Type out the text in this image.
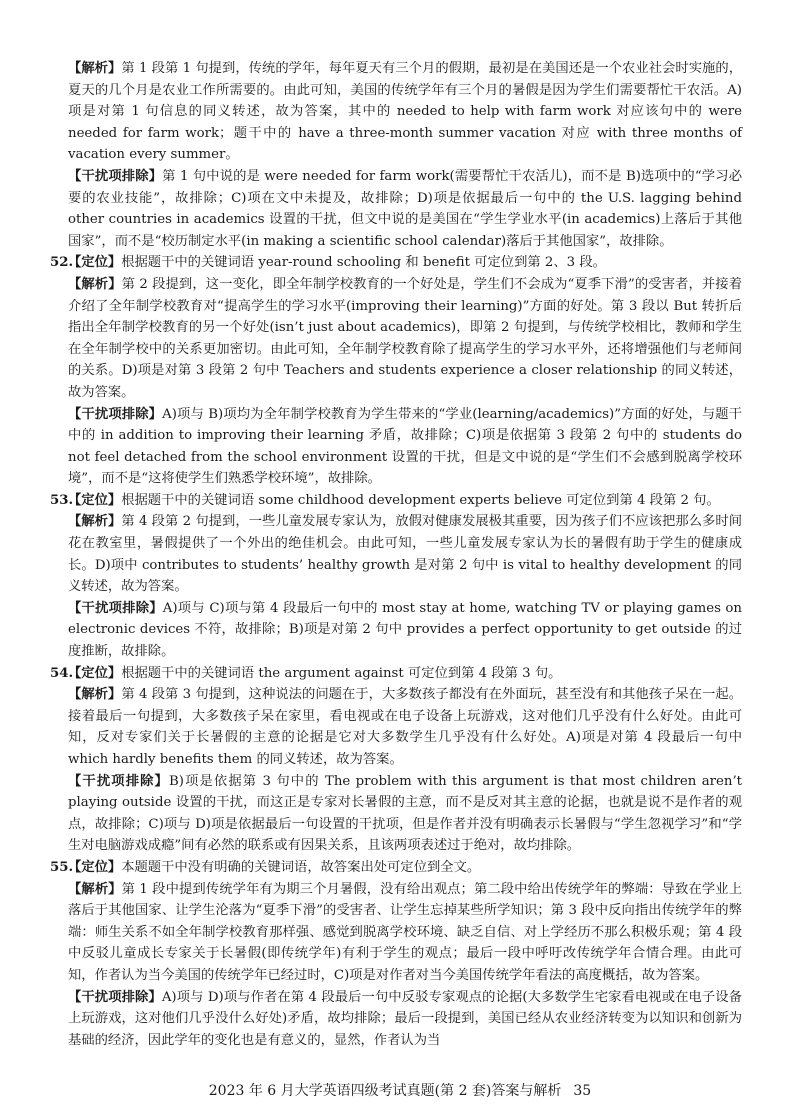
【解析】第 1 段第 1 句提到，传统的学年，每年夏天有三个月的假期，最初是在美国还是一个农业社会时实施的，夏天的几个月是农业工作所需要的。由此可知，美国的传统学年有三个月的暑假是因为学生们需要帮忙干农活。A)项是对第 1 句信息的同义转述，故为答案，其中的 needed to help with farm work 对应该句中的 were needed for farm work；题干中的 have a three-month summer vacation 对应 with three months of vacation every summer。

【干扰项排除】第 1 句中说的是 were needed for farm work(需要帮忙干农活儿)，而不是 B)选项中的“学习必要的农业技能”，故排除；C)项在文中未提及，故排除；D)项是依据最后一句中的 the U.S. lagging behind other countries in academics 设置的干扰，但文中说的是美国在“学生学业水平(in academics)上落后于其他国家”，而不是“校历制定水平(in making a scientific school calendar)落后于其他国家”，故排除。

52.
【定位】根据题干中的关键词语 year-round schooling 和 benefit 可定位到第 2、3 段。

【解析】第 2 段提到，这一变化，即全年制学校教育的一个好处是，学生们不会成为“夏季下滑”的受害者，并接着介绍了全年制学校教育对“提高学生的学习水平(improving their learning)”方面的好处。第 3 段以 But 转折后指出全年制学校教育的另一个好处(isn’t just about academics)，即第 2 句提到，与传统学校相比，教师和学生在全年制学校中的关系更加密切。由此可知，全年制学校教育除了提高学生的学习水平外，还将增强他们与老师间的关系。D)项是对第 3 段第 2 句中 Teachers and students experience a closer relationship 的同义转述，故为答案。

【干扰项排除】A)项与 B)项均为全年制学校教育为学生带来的“学业(learning/academics)”方面的好处，与题干中的 in addition to improving their learning 矛盾，故排除；C)项是依据第 3 段第 2 句中的 students do not feel detached from the school environment 设置的干扰，但是文中说的是“学生们不会感到脱离学校环境”，而不是“这将使学生们熟悉学校环境”，故排除。

53.
【定位】根据题干中的关键词语 some childhood development experts believe 可定位到第 4 段第 2 句。

【解析】第 4 段第 2 句提到，一些儿童发展专家认为，放假对健康发展极其重要，因为孩子们不应该把那么多时间花在教室里，暑假提供了一个外出的绝佳机会。由此可知，一些儿童发展专家认为长的暑假有助于学生的健康成长。D)项中 contributes to students’ healthy growth 是对第 2 句中 is vital to healthy development 的同义转述，故为答案。

【干扰项排除】A)项与 C)项与第 4 段最后一句中的 most stay at home, watching TV or playing games on electronic devices 不符，故排除；B)项是对第 2 句中 provides a perfect opportunity to get outside 的过度推断，故排除。

54.
【定位】根据题干中的关键词语 the argument against 可定位到第 4 段第 3 句。

【解析】第 4 段第 3 句提到，这种说法的问题在于，大多数孩子都没有在外面玩，甚至没有和其他孩子呆在一起。接着最后一句提到，大多数孩子呆在家里，看电视或在电子设备上玩游戏，这对他们几乎没有什么好处。由此可知，反对专家们关于长暑假的主意的论据是它对大多数学生几乎没有什么好处。A)项是对第 4 段最后一句中 which hardly benefits them 的同义转述，故为答案。

【干扰项排除】B)项是依据第 3 句中的 The problem with this argument is that most children aren’t playing outside 设置的干扰，而这正是专家对长暑假的主意，而不是反对其主意的论据，也就是说不是作者的观点，故排除；C)项与 D)项是依据最后一句设置的干扰项，但是作者并没有明确表示长暑假与“学生忽视学习”和“学生对电脑游戏成瘾”间有必然的联系或有因果关系，且该两项表述过于绝对，故均排除。

55.
【定位】本题题干中没有明确的关键词语，故答案出处可定位到全文。

【解析】第 1 段中提到传统学年有为期三个月暑假，没有给出观点；第二段中给出传统学年的弊端：导致在学业上落后于其他国家、让学生沦落为“夏季下滑”的受害者、让学生忘掉某些所学知识；第 3 段中反向指出传统学年的弊端：师生关系不如全年制学校教育那样强、感觉到脱离学校环境、缺乏自信、对上学经历不那么积极乐观；第 4 段中反驳儿童成长专家关于长暑假(即传统学年)有利于学生的观点；最后一段中呼吁改传统学年合情合理。由此可知，作者认为当今美国的传统学年已经过时，C)项是对作者对当今美国传统学年看法的高度概括，故为答案。

【干扰项排除】A)项与 D)项与作者在第 4 段最后一句中反驳专家观点的论据(大多数学生宅家看电视或在电子设备上玩游戏，这对他们几乎没什么好处)矛盾，故均排除；最后一段提到，美国已经从农业经济转变为以知识和创新为基础的经济，因此学年的变化也是有意义的，显然，作者认为当

2023 年 6 月大学英语四级考试真题(第 2 套)答案与解析 35
